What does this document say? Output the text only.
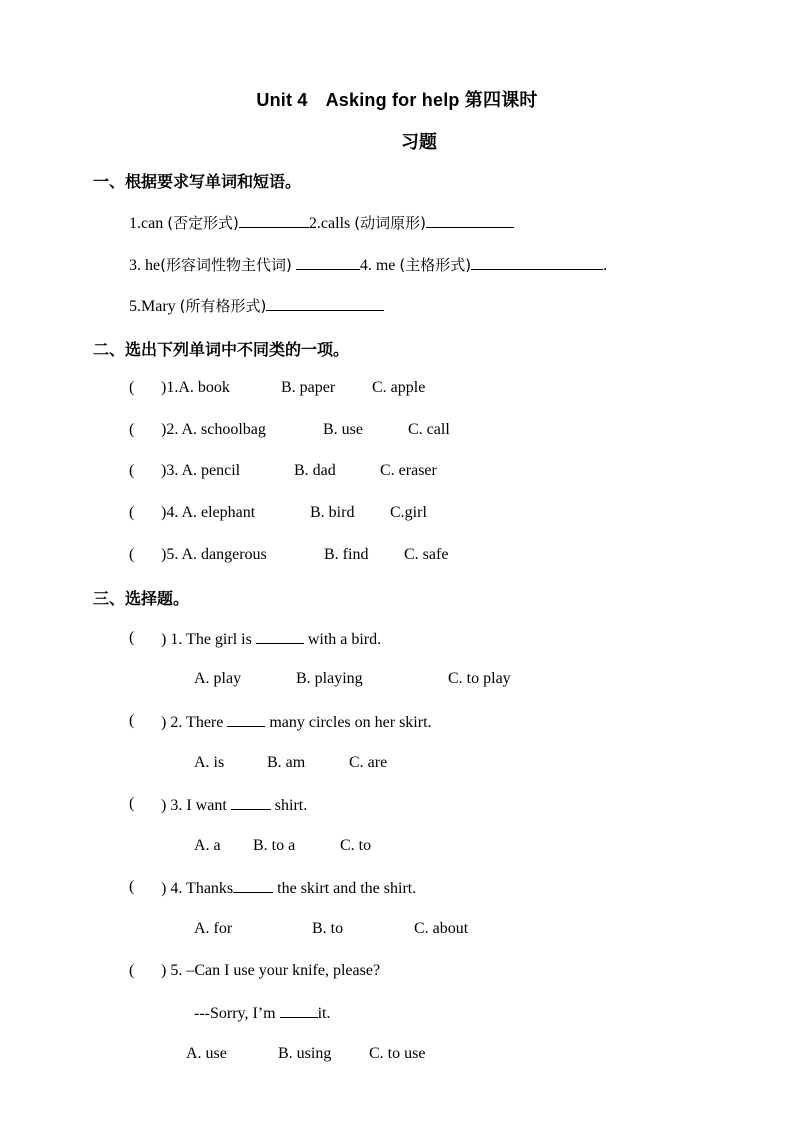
Unit 4 Asking for help 第四课时
习题
一、根据要求写单词和短语。
1.can (否定形式)	2.calls (动词原形)
3. he(形容词性物主代词)	4. me (主格形式)	.
5.Mary (所有格形式)
二、选出下列单词中不同类的一项。
( )1.A. book	B. paper C. apple
( )2. A. schoolbag	B. use	C. call
( )3. A. pencil	B. dad	C. eraser
( )4. A. elephant	B. bird C.girl
( )5. A. dangerous	B. find C. safe
三、选择题。
( ) 1. The girl is	with a bird.
A. play	B. playing	C. to play
( ) 2. There	many circles on her skirt.
A. is	B. am	C. are
( ) 3. I want	shirt.
A. a B. to a	C. to
( ) 4. Thanks	the skirt and the shirt.
A. for	B. to	C. about
( ) 5. –Can I use your knife, please?
---Sorry, I’m	it.
A. use	B. using C. to use
